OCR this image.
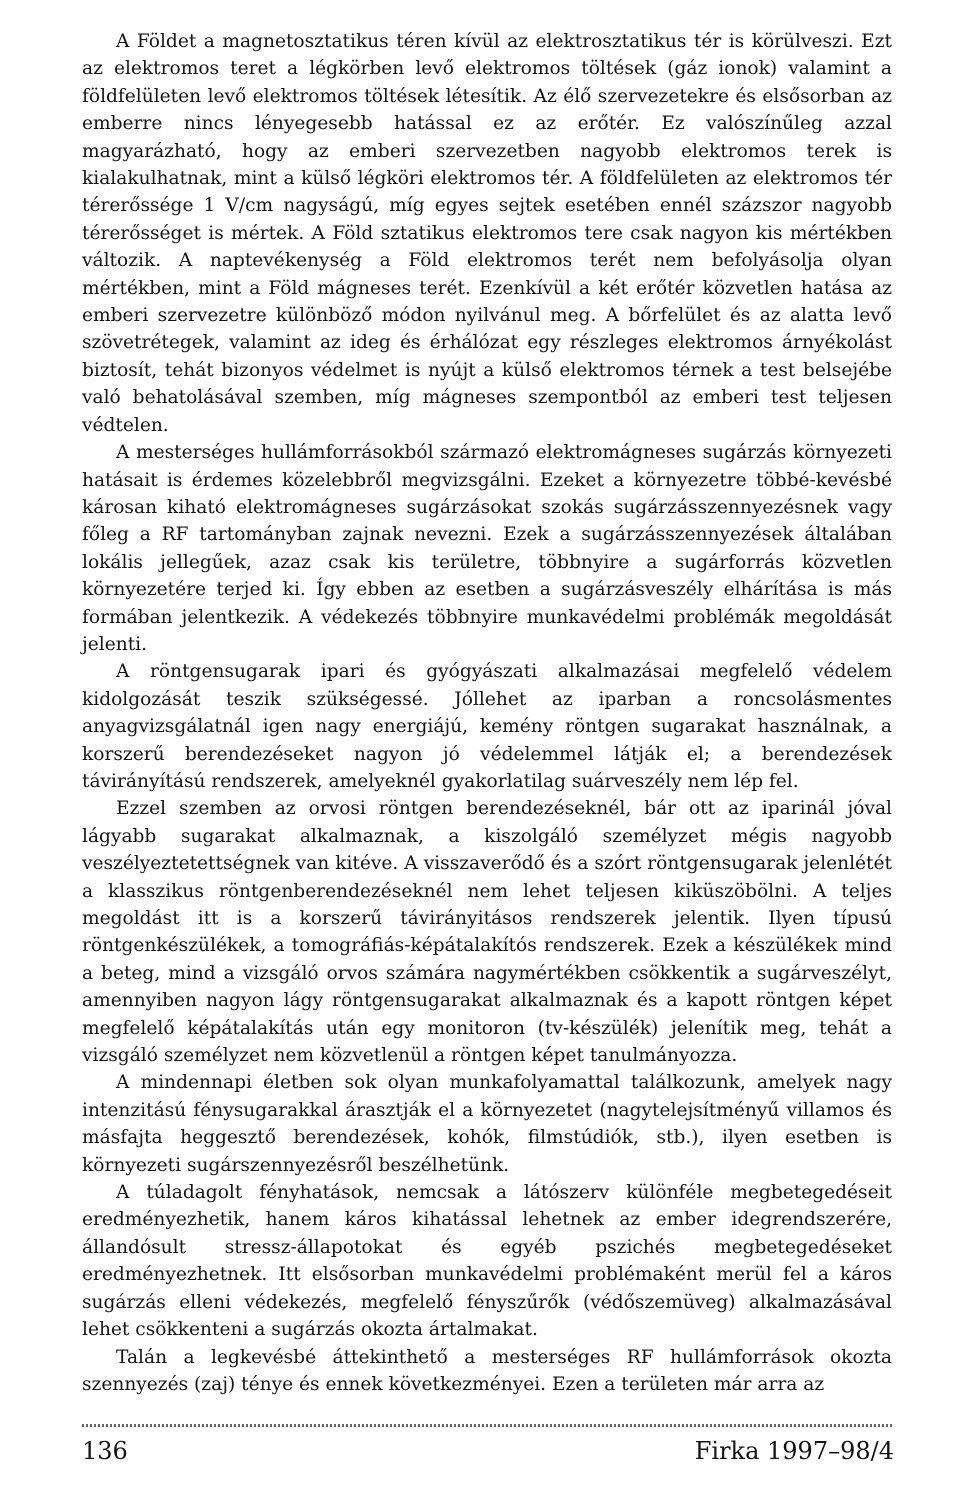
A Földet a magnetosztatikus téren kívül az elektrosztatikus tér is körülveszi. Ezt az elektromos teret a légkörben levő elektromos töltések (gáz ionok) valamint a földfelületen levő elektromos töltések létesítik. Az élő szervezetekre és elsősorban az emberre nincs lényegesebb hatással ez az erőtér. Ez valószínűleg azzal magyarázható, hogy az emberi szervezetben nagyobb elektromos terek is kialakulhatnak, mint a külső légköri elektromos tér. A földfelületen az elektromos tér térerőssége 1 V/cm nagyságú, míg egyes sejtek esetében ennél százszor nagyobb térerősséget is mértek. A Föld sztatikus elektromos tere csak nagyon kis mértékben változik. A naptevékenység a Föld elektromos terét nem befolyásolja olyan mértékben, mint a Föld mágneses terét. Ezenkívül a két erőtér közvetlen hatása az emberi szervezetre különböző módon nyilvánul meg. A bőrfelület és az alatta levő szövetrétegek, valamint az ideg és érhálózat egy részleges elektromos árnyékolást biztosít, tehát bizonyos védelmet is nyújt a külső elektromos térnek a test belsejébe való behatolásával szemben, míg mágneses szempontból az emberi test teljesen védtelen.

A mesterséges hullámforrásokból származó elektromágneses sugárzás környezeti hatásait is érdemes közelebbről megvizsgálni. Ezeket a környezetre többé-kevésbé károsan kiható elektromágneses sugárzásokat szokás sugárzásszennyezésnek vagy főleg a RF tartományban zajnak nevezni. Ezek a sugárzásszennyezések általában lokális jellegűek, azaz csak kis területre, többnyire a sugárforrás közvetlen környezetére terjed ki. Így ebben az esetben a sugárzásveszély elhárítása is más formában jelentkezik. A védekezés többnyire munkavédelmi problémák megoldását jelenti.

A röntgensugarak ipari és gyógyászati alkalmazásai megfelelő védelem kidolgozását teszik szükségessé. Jóllehet az iparban a roncsolásmentes anyagvizsgálatnál igen nagy energiájú, kemény röntgen sugarakat használnak, a korszerű berendezéseket nagyon jó védelemmel látják el; a berendezések távirányítású rendszerek, amelyeknél gyakorlatilag suárveszély nem lép fel.

Ezzel szemben az orvosi röntgen berendezéseknél, bár ott az iparinál jóval lágyabb sugarakat alkalmaznak, a kiszolgáló személyzet mégis nagyobb veszélyeztetettségnek van kitéve. A visszaverődő és a szórt röntgensugarak jelenlétét a klasszikus röntgenberendezéseknél nem lehet teljesen kiküszöbölni. A teljes megoldást itt is a korszerű távirányitásos rendszerek jelentik. Ilyen típusú röntgenkészülékek, a tomográfiás-képátalakítós rendszerek. Ezek a készülékek mind a beteg, mind a vizsgáló orvos számára nagymértékben csökkentik a sugárveszélyt, amennyiben nagyon lágy röntgensugarakat alkalmaznak és a kapott röntgen képet megfelelő képátalakítás után egy monitoron (tv-készülék) jelenítik meg, tehát a vizsgáló személyzet nem közvetlenül a röntgen képet tanulmányozza.

A mindennapi életben sok olyan munkafolyamattal találkozunk, amelyek nagy intenzitású fénysugarakkal árasztják el a környezetet (nagytelejsítményű villamos és másfajta heggesztő berendezések, kohók, filmstúdiók, stb.), ilyen esetben is környezeti sugárszennyezésről beszélhetünk.

A túladagolt fényhatások, nemcsak a látószerv különféle megbetegedéseit eredményezhetik, hanem káros kihatással lehetnek az ember idegrendszerére, állandósult stressz-állapotokat és egyéb pszichés megbetegedéseket eredményezhetnek. Itt elsősorban munkavédelmi problémaként merül fel a káros sugárzás elleni védekezés, megfelelő fényszűrők (védőszemüveg) alkalmazásával lehet csökkenteni a sugárzás okozta ártalmakat.

Talán a legkevésbé áttekinthető a mesterséges RF hullámforrások okozta szennyezés (zaj) ténye és ennek következményei. Ezen a területen már arra az

136	Firka 1997–98/4
